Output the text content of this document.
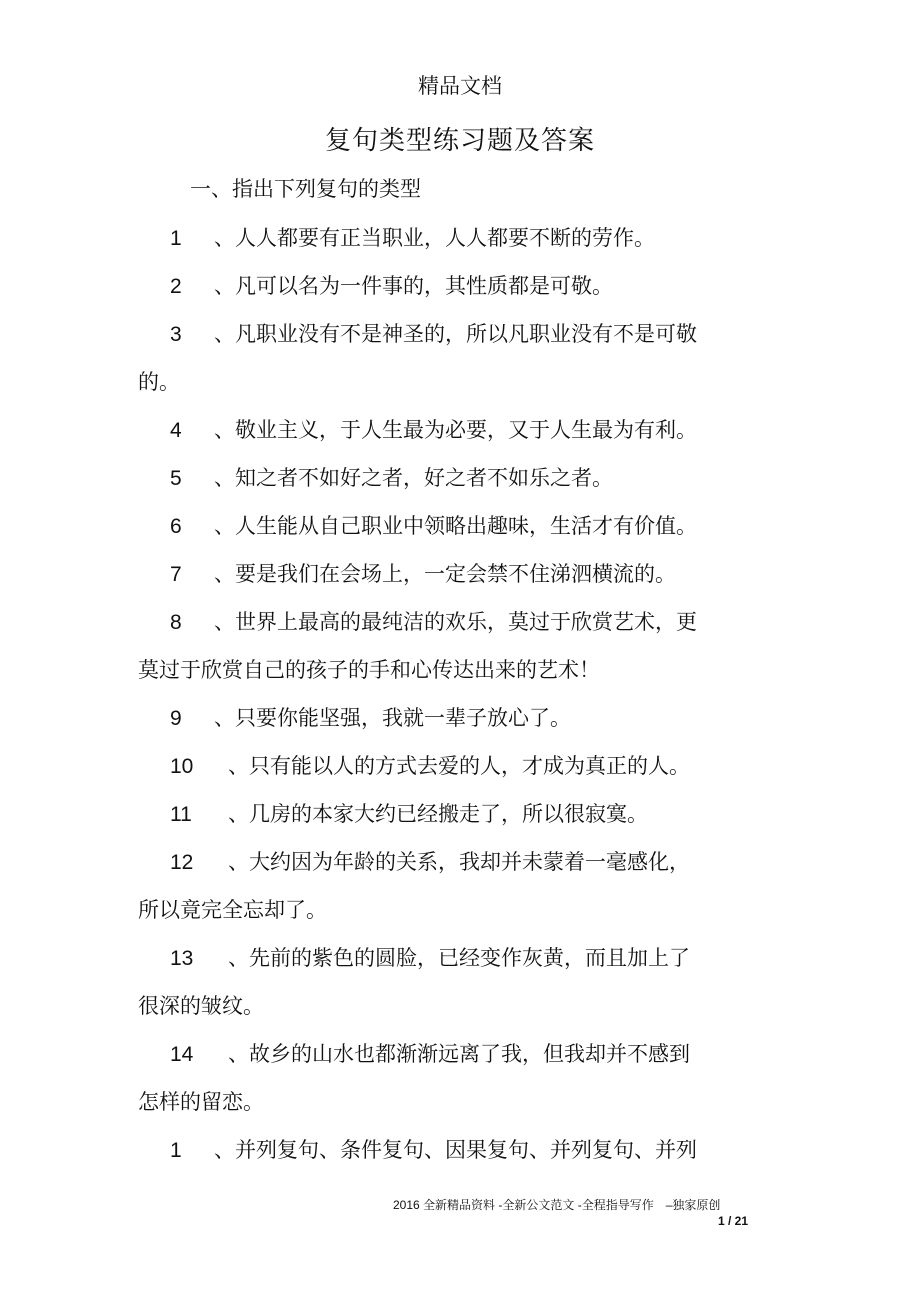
精品文档
复句类型练习题及答案
一、指出下列复句的类型
1 、人人都要有正当职业，人人都要不断的劳作。
2 、凡可以名为一件事的，其性质都是可敬。
3 、凡职业没有不是神圣的，所以凡职业没有不是可敬
的。
4 、敬业主义，于人生最为必要，又于人生最为有利。
5 、知之者不如好之者，好之者不如乐之者。
6 、人生能从自己职业中领略出趣味，生活才有价值。
7 、要是我们在会场上，一定会禁不住涕泗横流的。
8 、世界上最高的最纯洁的欢乐，莫过于欣赏艺术，更
莫过于欣赏自己的孩子的手和心传达出来的艺术！
9 、只要你能坚强，我就一辈子放心了。
10 、只有能以人的方式去爱的人，才成为真正的人。
11 、几房的本家大约已经搬走了，所以很寂寞。
12 、大约因为年龄的关系，我却并未蒙着一毫感化，
所以竟完全忘却了。
13 、先前的紫色的圆脸，已经变作灰黄，而且加上了
很深的皱纹。
14 、故乡的山水也都渐渐远离了我，但我却并不感到
怎样的留恋。
1 、并列复句、条件复句、因果复句、并列复句、并列
2016 全新精品资料 -全新公文范文 -全程指导写作　–独家原创
1 / 21
